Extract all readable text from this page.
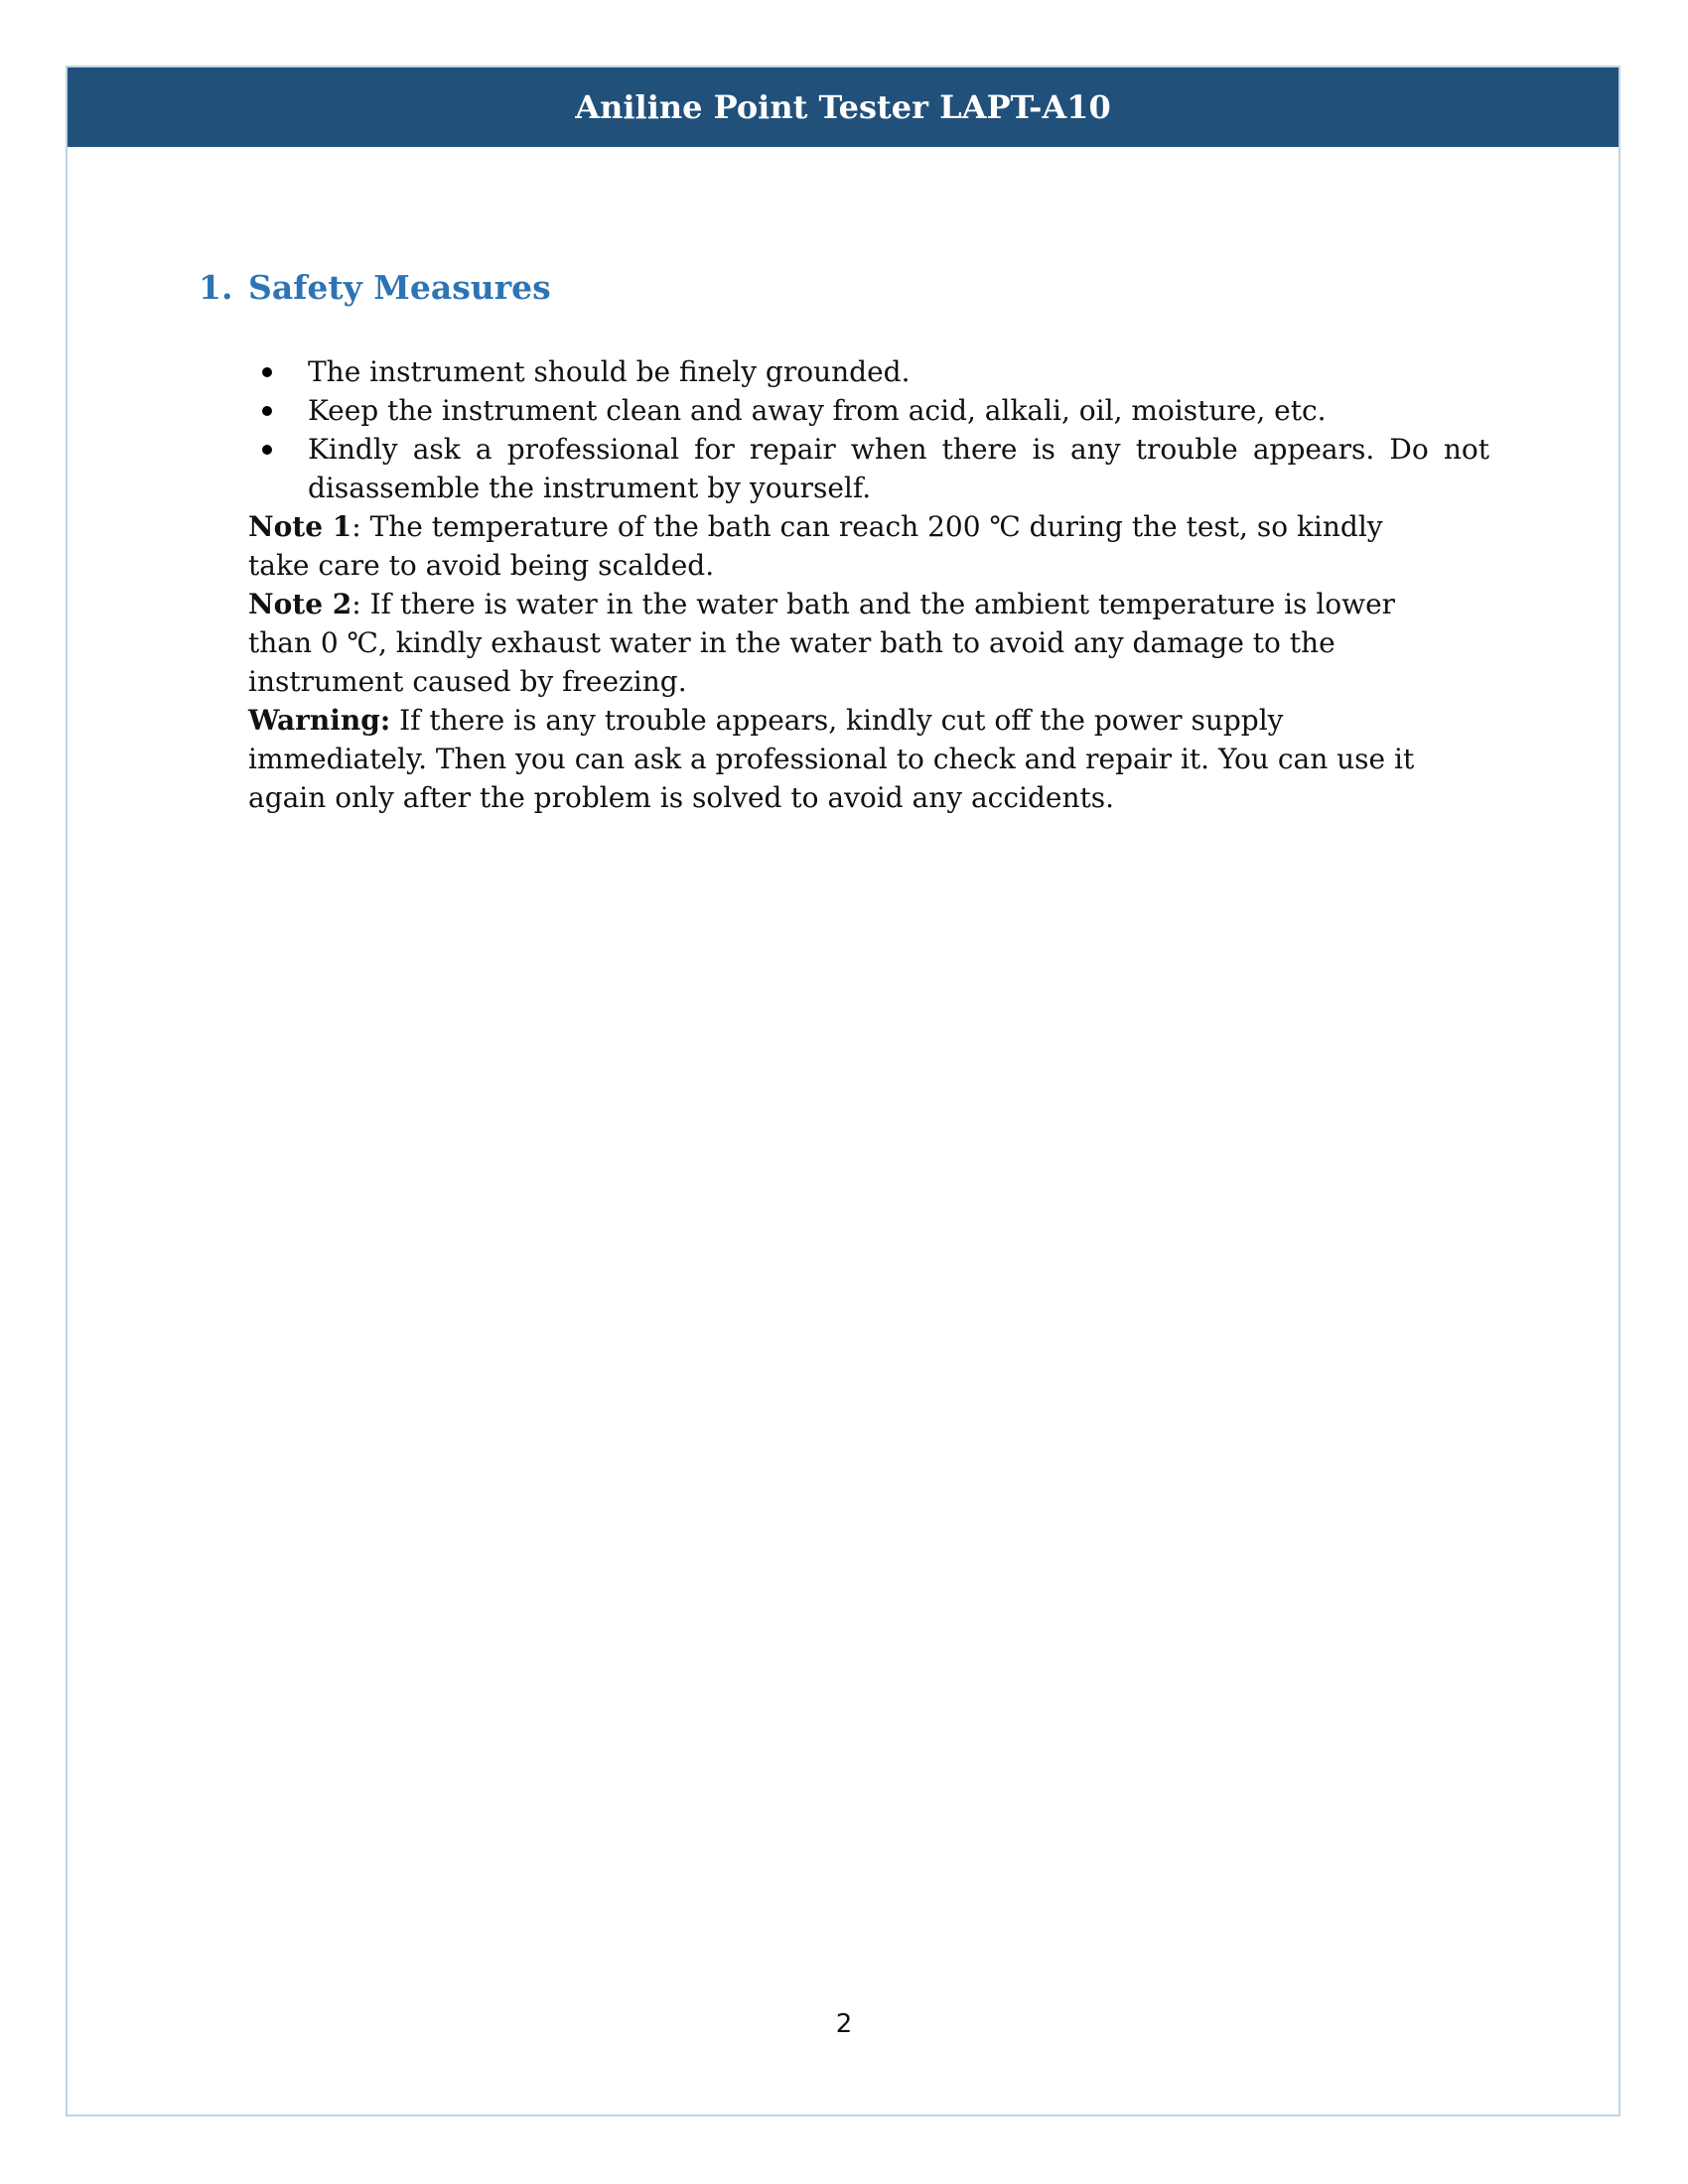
Aniline Point Tester LAPT-A10
1. Safety Measures
The instrument should be finely grounded.
Keep the instrument clean and away from acid, alkali, oil, moisture, etc.
Kindly ask a professional for repair when there is any trouble appears. Do not disassemble the instrument by yourself.

Note 1: The temperature of the bath can reach 200 ℃ during the test, so kindly take care to avoid being scalded.

Note 2: If there is water in the water bath and the ambient temperature is lower than 0 ℃, kindly exhaust water in the water bath to avoid any damage to the instrument caused by freezing.

Warning: If there is any trouble appears, kindly cut off the power supply immediately. Then you can ask a professional to check and repair it. You can use it again only after the problem is solved to avoid any accidents.

2
